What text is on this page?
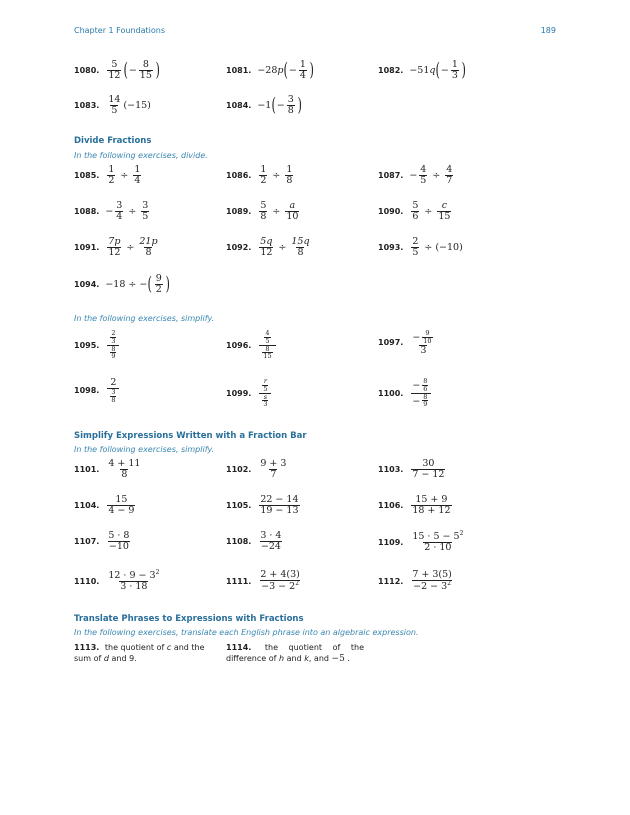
Chapter 1 Foundations	189
1080. $\frac{5}{12}$ ( − $\frac{8}{15}$ )	1081. −28 p ( − $\frac{1}{4}$ )	1082. −51 q ( − $\frac{1}{3}$ )
1083. $\frac{14}{5} (-15)$	1084. −1 ( − $\frac{3}{8}$ )
Divide Fractions
In the following exercises, divide.
1085. $\frac{1}{2} \div \frac{1}{4}$	1086. $\frac{1}{2} \div \frac{1}{8}$	1087. − $\frac{4}{5} \div \frac{4}{7}$
1088. − $\frac{3}{4} \div \frac{3}{5}$	1089. $\frac{5}{8} \div \frac{a}{10}$	1090. $\frac{5}{6} \div \frac{c}{15}$
1091. $\frac{7p}{12} \div \frac{21p}{8}$	1092. $\frac{5q}{12} \div \frac{15q}{8}$	1093. $\frac{2}{5} \div (-10)$
1094. −18 ÷ − ( $\frac{9}{2}$ )
In the following exercises, simplify.
1095. $\frac{\frac{2}{3}}{\frac{8}{9}}$	1096. $\frac{\frac{4}{5}}{\frac{8}{15}}$	1097. $\frac{- \frac{9}{10}}{3}$
1098. $\frac{2}{\frac{3}{8}}$	1099. $\frac{\frac{r}{5}}{\frac{s}{3}}$	1100. $\frac{- \frac{8}{6}}{- \frac{8}{9}}$
Simplify Expressions Written with a Fraction Bar
In the following exercises, simplify.
1101. $\frac{4 + 11}{8}$	1102. $\frac{9 + 3}{7}$	1103. $\frac{30}{7 - 12}$
1104. $\frac{15}{4 - 9}$	1105. $\frac{22 - 14}{19 - 13}$	1106. $\frac{15 + 9}{18 + 12}$
1107. $\frac{5 \cdot 8}{-10}$	1108. $\frac{3 \cdot 4}{-24}$	1109. $\frac{15 \cdot 5 - 5^2}{2 \cdot 10}$
1110. $\frac{12 \cdot 9 - 3^2}{3 \cdot 18}$	1111. $\frac{2 + 4(3)}{-3 - 2^2}$	1112. $\frac{7 + 3(5)}{-2 - 3^2}$
Translate Phrases to Expressions with Fractions
In the following exercises, translate each English phrase into an algebraic expression.
1113. the quotient of c and the sum of d and 9.
1114. the quotient of the difference of h and k, and −5 .
